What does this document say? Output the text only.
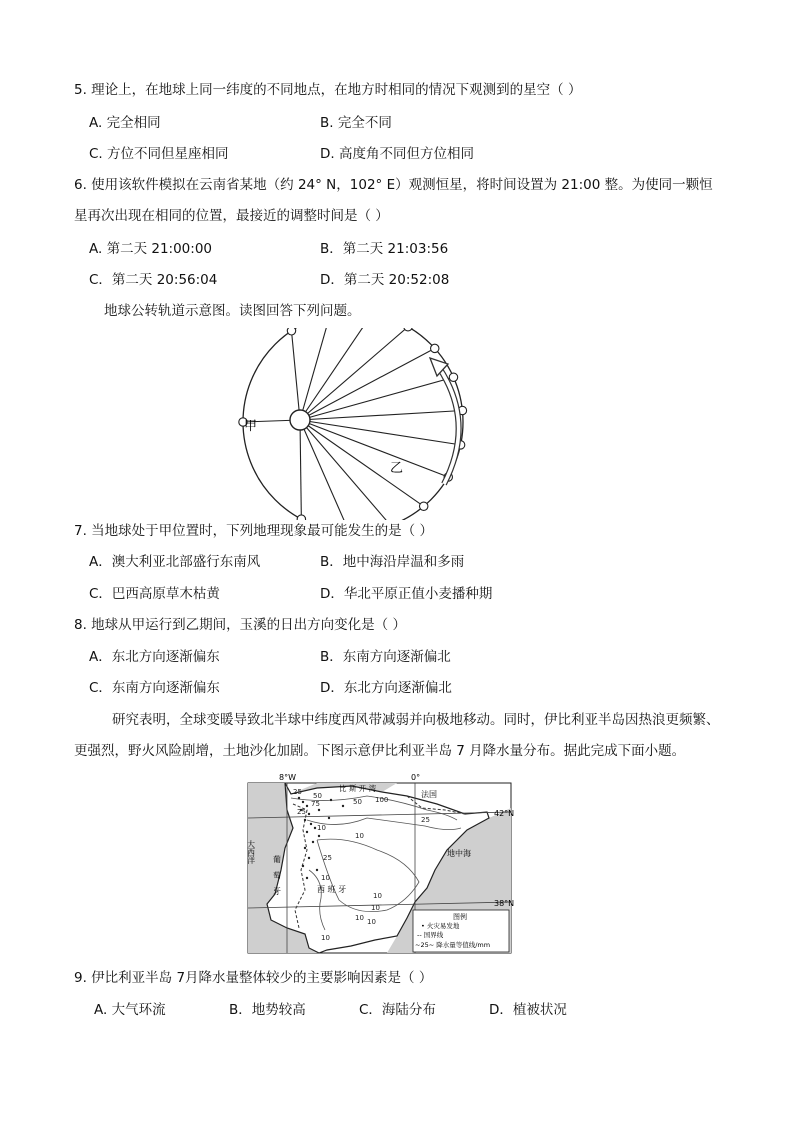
5. 理论上，在地球上同一纬度的不同地点，在地方时相同的情况下观测到的星空（ ）
A. 完全相同	B. 完全不同
C. 方位不同但星座相同	D. 高度角不同但方位相同
6. 使用该软件模拟在云南省某地（约 24° N，102° E）观测恒星，将时间设置为 21:00 整。为使同一颗恒
星再次出现在相同的位置，最接近的调整时间是（ ）
A. 第二天 21:00:00	B．第二天 21:03:56
C．第二天 20:56:04	D．第二天 20:52:08
地球公转轨道示意图。读图回答下列问题。
甲
乙
7. 当地球处于甲位置时，下列地理现象最可能发生的是（ ）
A．澳大利亚北部盛行东南风	B．地中海沿岸温和多雨
C．巴西高原草木枯黄	D．华北平原正值小麦播种期
8. 地球从甲运行到乙期间，玉溪的日出方向变化是（ ）
A．东北方向逐渐偏东	B．东南方向逐渐偏北
C．东南方向逐渐偏东	D．东北方向逐渐偏北
研究表明，全球变暖导致北半球中纬度西风带减弱并向极地移动。同时，伊比利亚半岛因热浪更频繁、
更强烈，野火风险剧增，土地沙化加剧。下图示意伊比利亚半岛 7 月降水量分布。据此完成下面小题。
8°W	0°
42°N
38°N
比 斯 开 湾
法国
地中海
大西洋 葡
萄
牙	西 班 牙
25 50	100
75
25
50
10
25
25
10
10
10
10
10 10
10
图例
• 火灾易发地
-- 国界线
~25~ 降水量等值线/mm
9. 伊比利亚半岛 7月降水量整体较少的主要影响因素是（ ）
A. 大气环流	B．地势较高	C．海陆分布	D．植被状况
